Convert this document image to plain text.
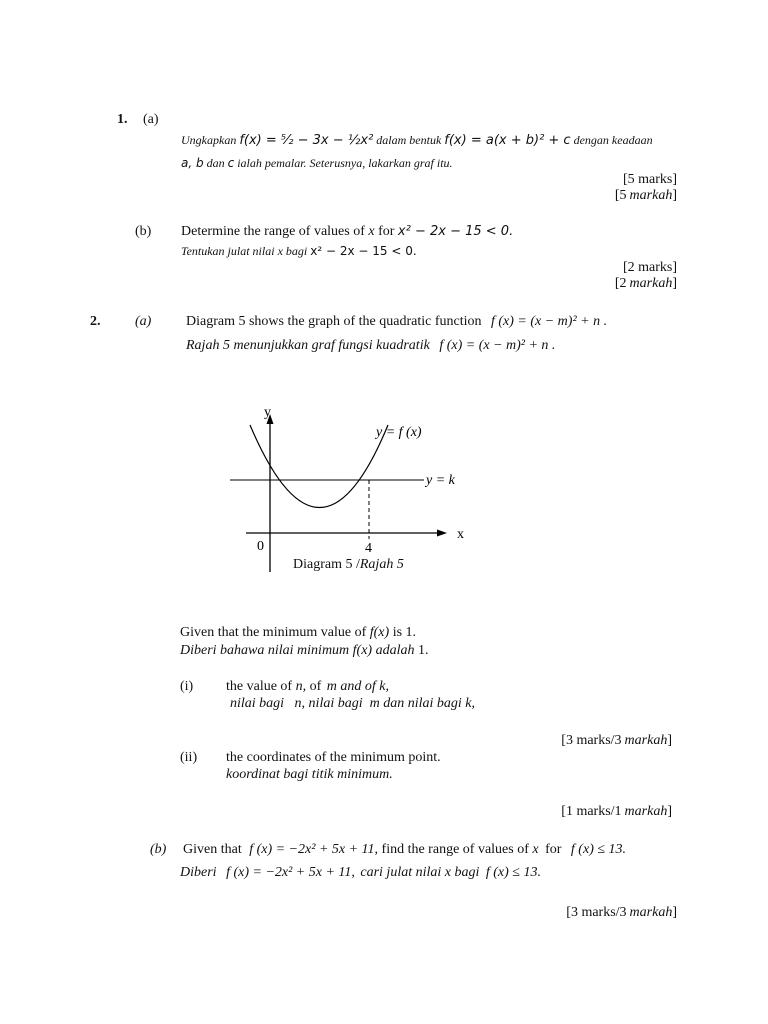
1. (a)
Ungkapkan f(x) = ⁵⁄₂ − 3x − ½x² dalam bentuk f(x) = a(x + b)² + c dengan keadaan
a, b dan c ialah pemalar. Seterusnya, lakarkan graf itu.
[5 marks]
[5 markah]
(b) Determine the range of values of x for x² − 2x − 15 < 0.
Tentukan julat nilai x bagi x² − 2x − 15 < 0.
[2 marks]
[2 markah]
2. (a) Diagram 5 shows the graph of the quadratic function f (x) = (x − m)² + n .
Rajah 5 menunjukkan graf fungsi kuadratik f (x) = (x − m)² + n .
y
x
0	4
y = f (x)
y = k
Diagram 5 /Rajah 5
Given that the minimum value of f(x) is 1.
Diberi bahawa nilai minimum f(x) adalah 1.
(i) the value of n, of m and of k,
nilai bagi   n, nilai bagi  m dan nilai bagi k,
[3 marks/3 markah]
(ii) the coordinates of the minimum point.
koordinat bagi titik minimum.
[1 marks/1 markah]
(b) Given that f (x) = −2x² + 5x + 11, find the range of values of x for f (x) ≤ 13.
Diberi f (x) = −2x² + 5x + 11, cari julat nilai x bagi f (x) ≤ 13.
[3 marks/3 markah]
